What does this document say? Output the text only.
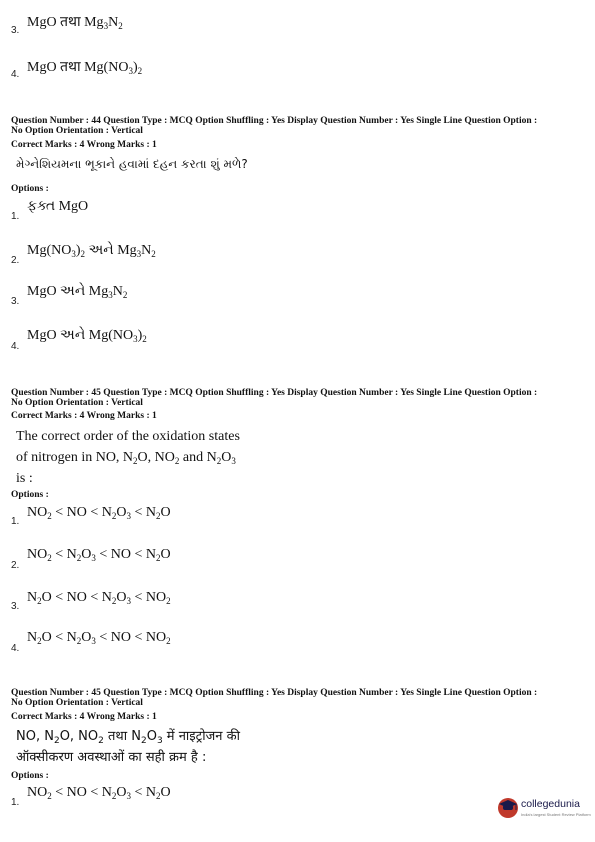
3.
MgO तथा $Mg_3N_2$
4. MgO तथा $Mg(NO_3)_2$
Question Number : 44 Question Type : MCQ Option Shuffling : Yes Display Question Number : Yes Single Line Question Option :
No Option Orientation : Vertical
Correct Marks : 4 Wrong Marks : 1
મેગ્નેશિયમના ભૂકાને હવામાં દહન કરતા શું મળે?
Options :
1.
ફક્ત MgO
2.
$Mg(NO_3)_2$ અને $Mg_3N_2$
3.
MgO અને $Mg_3N_2$
4.
MgO અને $Mg(NO_3)_2$
Question Number : 45 Question Type : MCQ Option Shuffling : Yes Display Question Number : Yes Single Line Question Option :
No Option Orientation : Vertical
Correct Marks : 4 Wrong Marks : 1
The correct order of the oxidation states
of nitrogen in NO, $N_2O$, $NO_2$ and $N_2O_3$
is :
Options :
1.
$NO_2$ < NO < $N_2O_3 < N_2O$
2.
$NO_2 < N_2O_3$ < NO < $N_2O$
3.
$N_2O$ < NO < $N_2O_3 < NO_2$
4.
$N_2O < N_2O_3$ < NO < $NO_2$
Question Number : 45 Question Type : MCQ Option Shuffling : Yes Display Question Number : Yes Single Line Question Option :
No Option Orientation : Vertical
Correct Marks : 4 Wrong Marks : 1
NO, $N_2O$, $NO_2$ तथा $N_2O_3$ में नाइट्रोजन की
ऑक्सीकरण अवस्थाओं का सही क्रम है :
Options :
1.
$NO_2$ < NO < $N_2O_3 < N_2O$
collegedunia
India's largest Student Review Platform
